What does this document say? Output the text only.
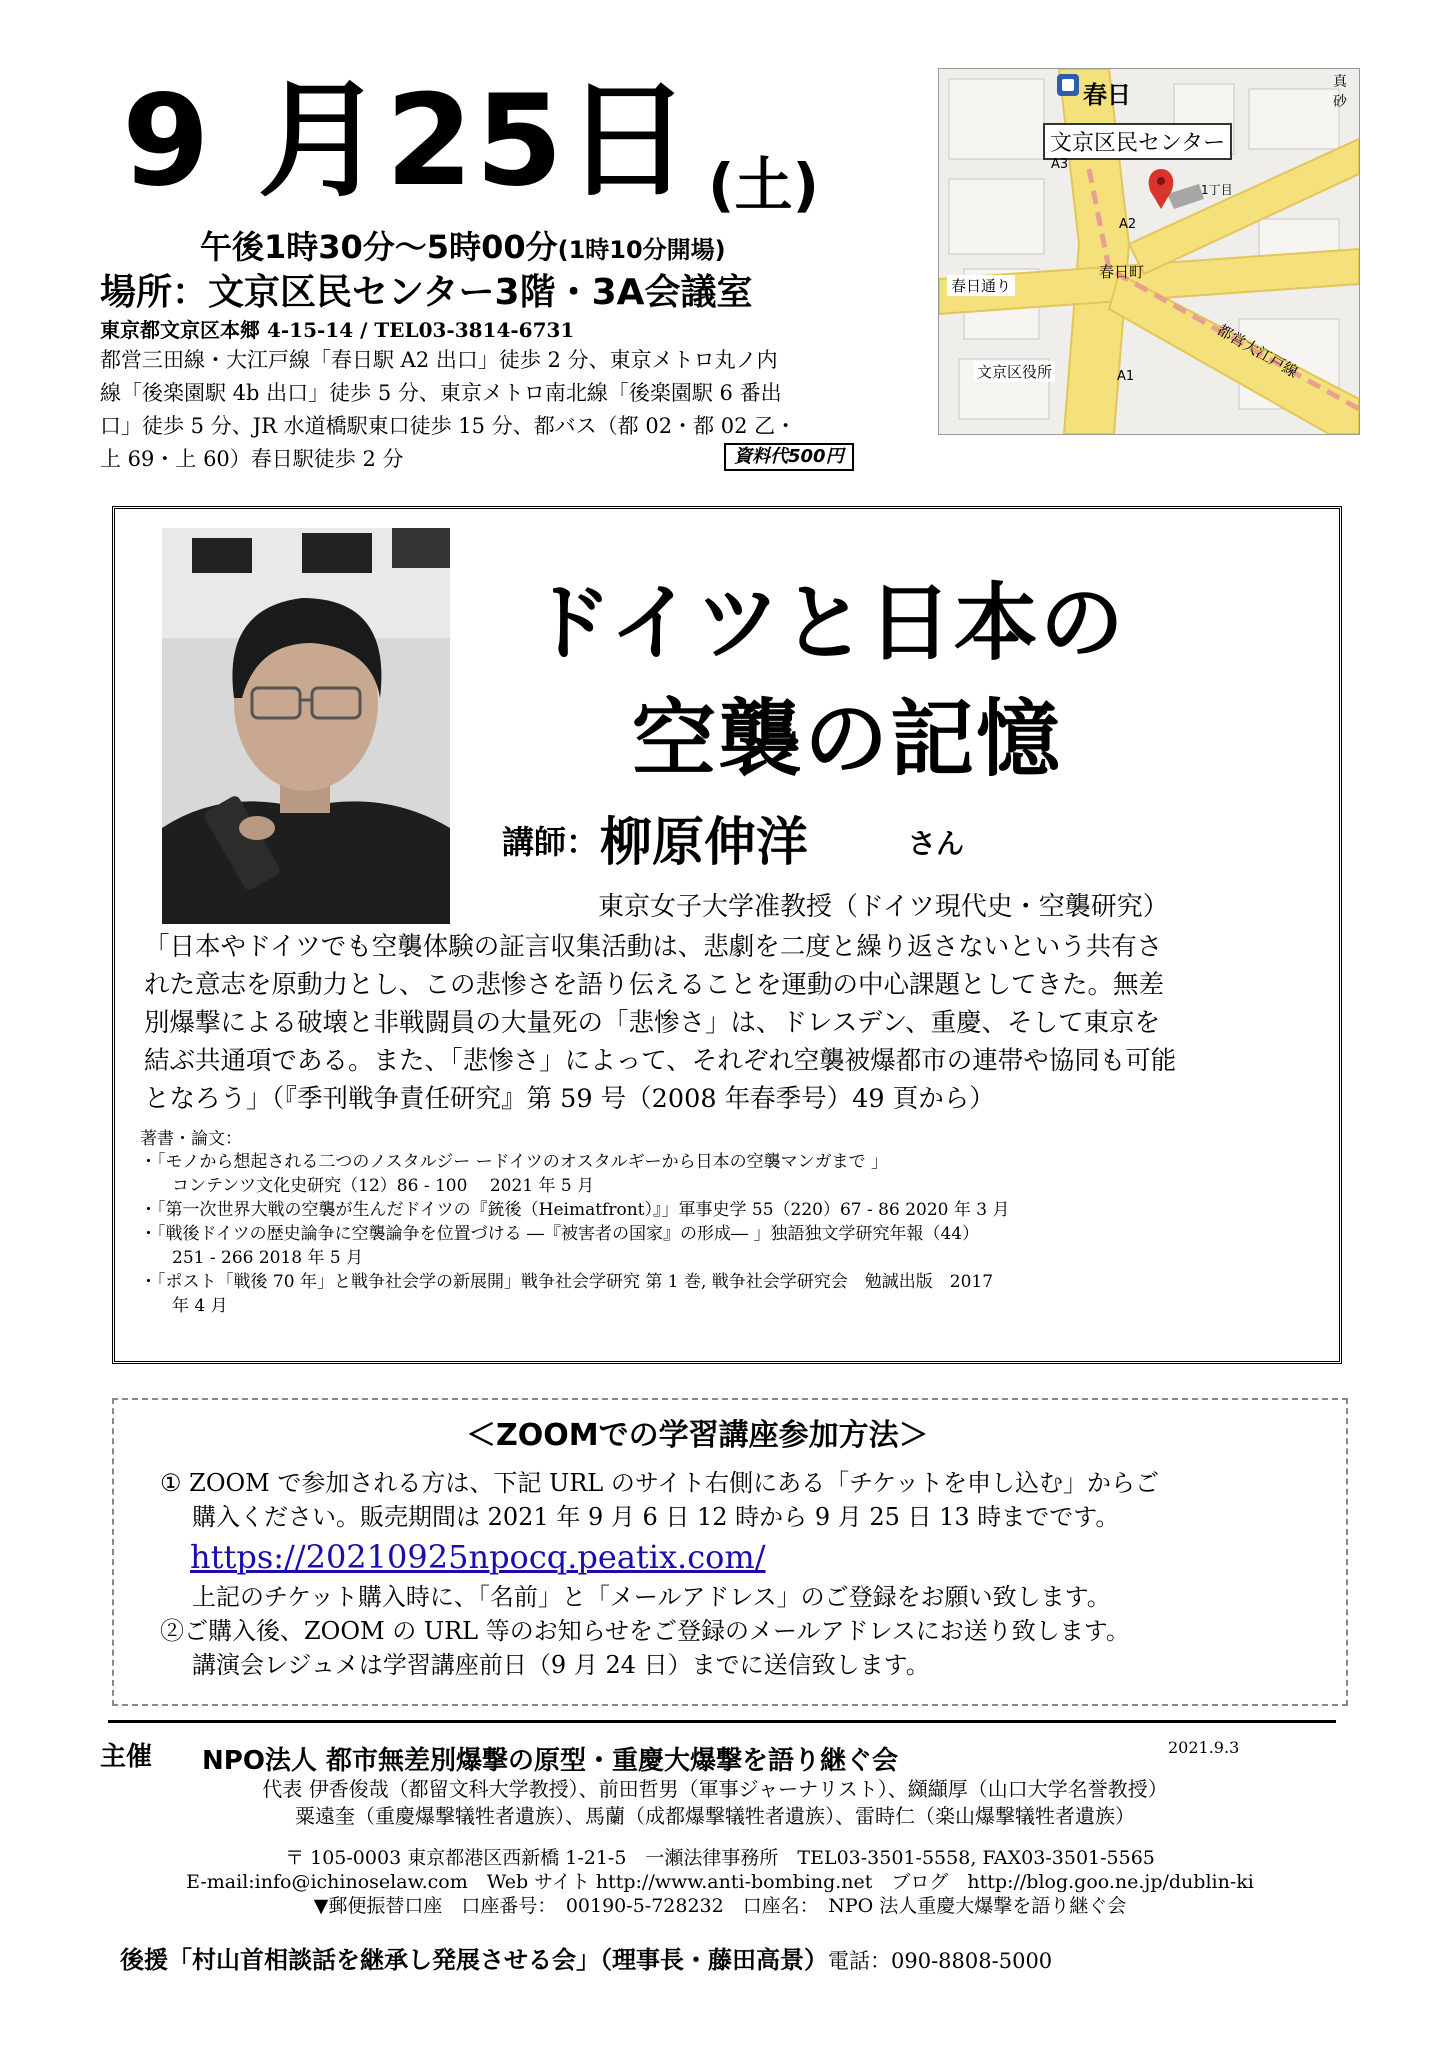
9 月25日 (土)
午後1時30分～5時00分(1時10分開場)
場所：文京区民センター3階・3A会議室
東京都文京区本郷 4-15-14 / TEL03-3814-6731
都営三田線・大江戸線「春日駅 A2 出口」徒歩 2 分、東京メトロ丸ノ内
線「後楽園駅 4b 出口」徒歩 5 分、東京メトロ南北線「後楽園駅 6 番出
口」徒歩 5 分、JR 水道橋駅東口徒歩 15 分、都バス（都 02・都 02 乙・
上 69・上 60）春日駅徒歩 2 分	資料代500円
春日
文京区民センター
A3
A2
A1
春日町
春日通り
文京区役所	都営大江戸線
真砂
1丁目
ドイツと日本の
空襲の記憶
講師： 柳原伸洋	さん
東京女子大学准教授（ドイツ現代史・空襲研究）
「日本やドイツでも空襲体験の証言収集活動は、悲劇を二度と繰り返さないという共有さ
れた意志を原動力とし、この悲惨さを語り伝えることを運動の中心課題としてきた。無差
別爆撃による破壊と非戦闘員の大量死の「悲惨さ」は、ドレスデン、重慶、そして東京を
結ぶ共通項である。また、「悲惨さ」によって、それぞれ空襲被爆都市の連帯や協同も可能
となろう」（『季刊戦争責任研究』第 59 号（2008 年春季号）49 頁から）
著書・論文：
・「モノから想起される二つのノスタルジー ードイツのオスタルギーから日本の空襲マンガまで 」
コンテンツ文化史研究（12）86 - 100　 2021 年 5 月
・「第一次世界大戦の空襲が生んだドイツの『銃後（Heimatfront）』」軍事史学 55（220）67 - 86 2020 年 3 月
・「戦後ドイツの歴史論争に空襲論争を位置づける ―『被害者の国家』の形成― 」独語独文学研究年報（44）
251 - 266 2018 年 5 月
・「ポスト「戦後 70 年」と戦争社会学の新展開」戦争社会学研究 第 1 巻, 戦争社会学研究会　勉誠出版　2017
年 4 月
＜ZOOMでの学習講座参加方法＞
① ZOOM で参加される方は、下記 URL のサイト右側にある「チケットを申し込む」からご
購入ください。販売期間は 2021 年 9 月 6 日 12 時から 9 月 25 日 13 時までです。
https://20210925npocq.peatix.com/
上記のチケット購入時に、「名前」と「メールアドレス」のご登録をお願い致します。
②ご購入後、ZOOM の URL 等のお知らせをご登録のメールアドレスにお送り致します。
講演会レジュメは学習講座前日（9 月 24 日）までに送信致します。
主催 NPO法人 都市無差別爆撃の原型・重慶大爆撃を語り継ぐ会	2021.9.3
代表 伊香俊哉（都留文科大学教授）、前田哲男（軍事ジャーナリスト）、纐纈厚（山口大学名誉教授）
粟遠奎（重慶爆撃犠牲者遺族）、馬蘭（成都爆撃犠牲者遺族）、雷時仁（楽山爆撃犠牲者遺族）
〒 105-0003 東京都港区西新橋 1-21-5　一瀬法律事務所　TEL03-3501-5558, FAX03-3501-5565
E-mail:info@ichinoselaw.com　Web サイト http://www.anti-bombing.net　ブログ　http://blog.goo.ne.jp/dublin-ki
▼郵便振替口座　口座番号：　00190-5-728232　口座名：　NPO 法人重慶大爆撃を語り継ぐ会
後援「村山首相談話を継承し発展させる会」（理事長・藤田高景）電話：090-8808-5000
